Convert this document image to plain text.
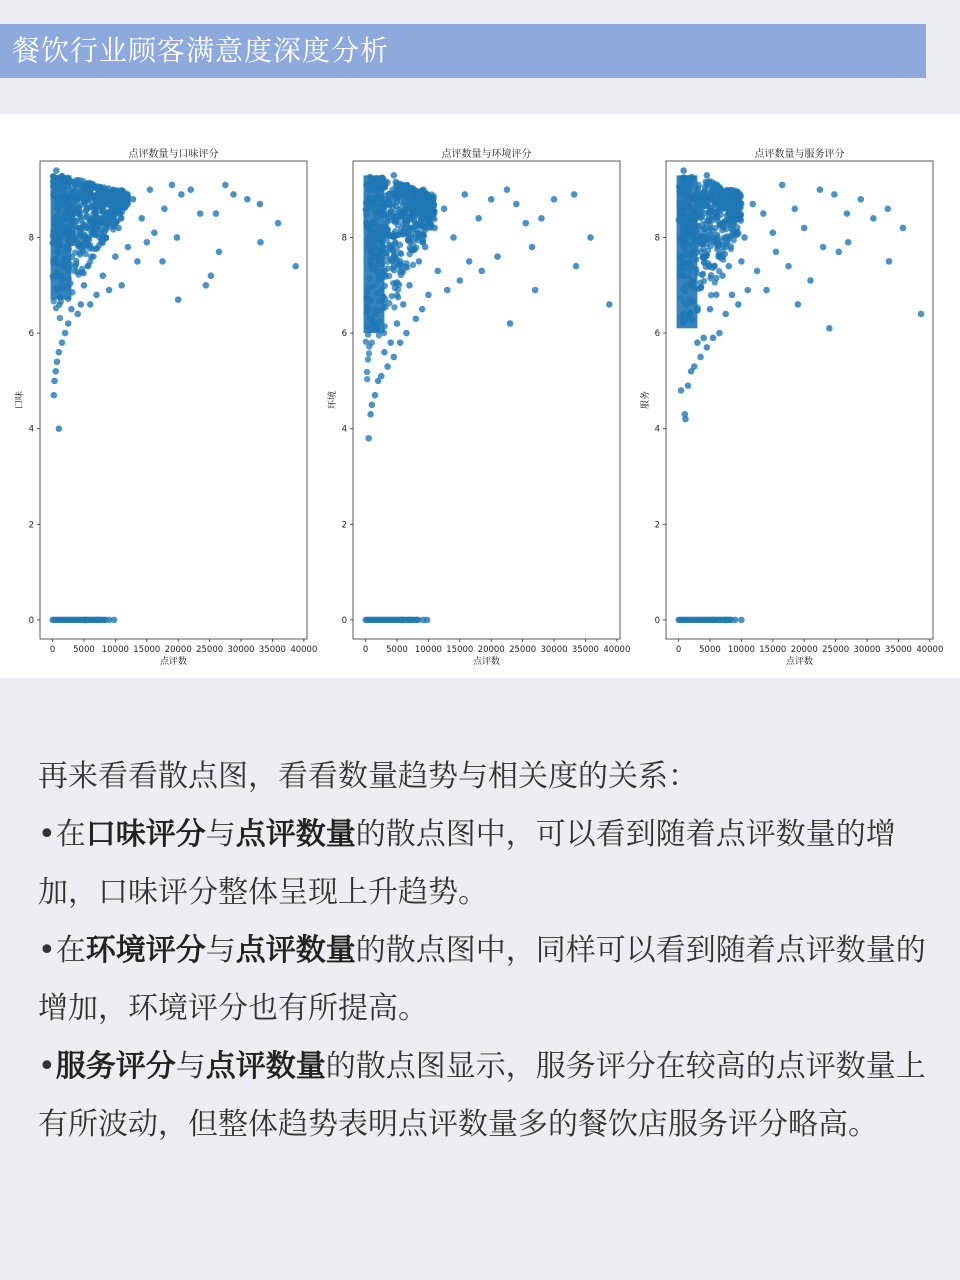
餐饮行业顾客满意度深度分析
点评数量与口味评分
0 5000 10000 15000 20000 25000 30000 35000 40000
0
2
4
6
8
点评数
口味
点评数量与环境评分
0 5000 10000 15000 20000 25000 30000 35000 40000
0
2
4
6
8
点评数
环境
点评数量与服务评分
0 5000 10000 15000 20000 25000 30000 35000 40000
0
2
4
6
8
点评数
服务

再来看看散点图，看看数量趋势与相关度的关系：

•在口味评分与点评数量的散点图中，可以看到随着点评数量的增加，口味评分整体呈现上升趋势。

•在环境评分与点评数量的散点图中，同样可以看到随着点评数量的增加，环境评分也有所提高。

•服务评分与点评数量的散点图显示，服务评分在较高的点评数量上有所波动，但整体趋势表明点评数量多的餐饮店服务评分略高。
